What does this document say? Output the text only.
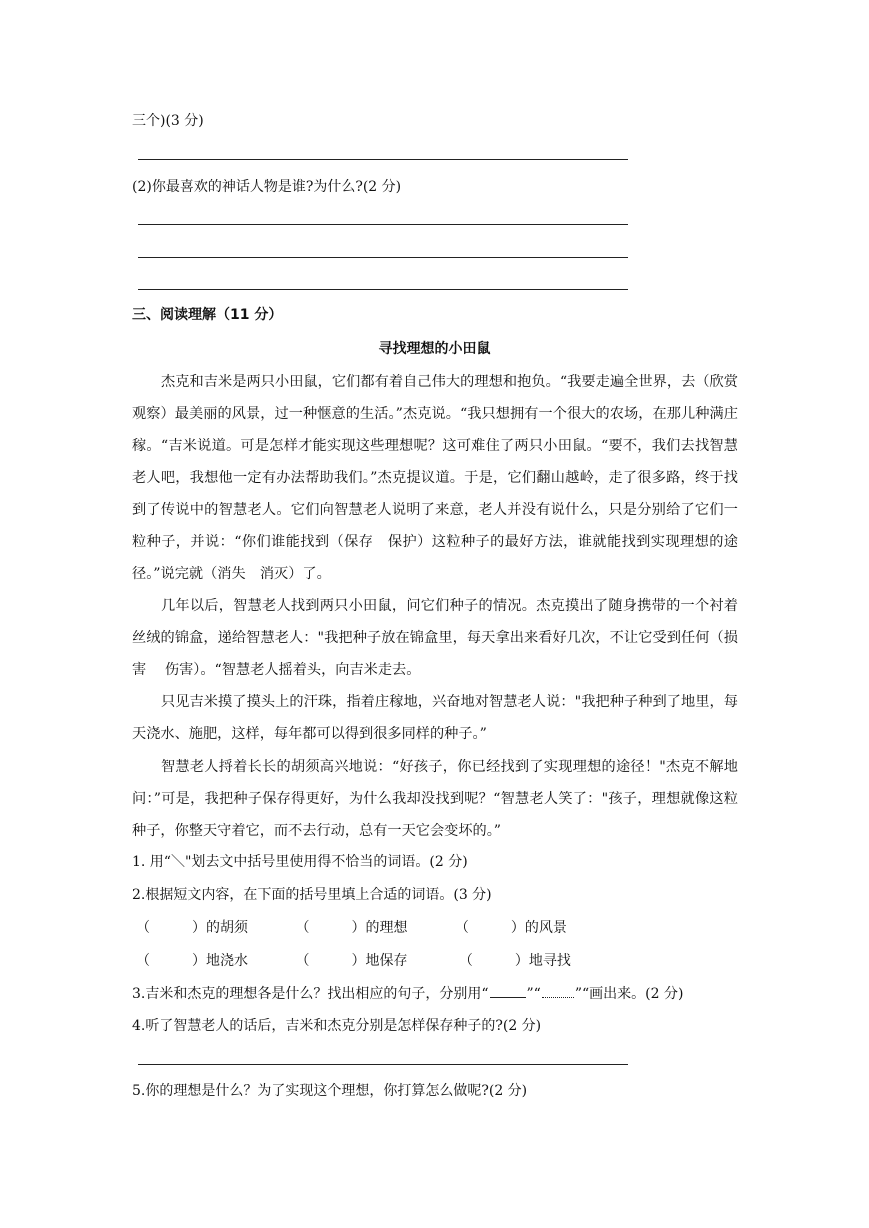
三个)(3 分)
(2)你最喜欢的神话人物是谁?为什么?(2 分)
三、阅读理解（11 分）
寻找理想的小田鼠
杰克和吉米是两只小田鼠，它们都有着自己伟大的理想和抱负。“我要走遍全世界，去（欣赏　 观察）最美丽的风景，过一种惬意的生活。”杰克说。“我只想拥有一个很大的农场，在那儿种满庄稼。“吉米说道。可是怎样才能实现这些理想呢？这可难住了两只小田鼠。“要不，我们去找智慧老人吧，我想他一定有办法帮助我们。”杰克提议道。于是，它们翻山越岭，走了很多路，终于找到了传说中的智慧老人。它们向智慧老人说明了来意，老人并没有说什么，只是分别给了它们一粒种子，并说：“你们谁能找到（保存　保护）这粒种子的最好方法，谁就能找到实现理想的途径。”说完就（消失　消灭）了。
几年以后，智慧老人找到两只小田鼠，问它们种子的情况。杰克摸出了随身携带的一个衬着丝绒的锦盒，递给智慧老人："我把种子放在锦盒里，每天拿出来看好几次，不让它受到任何（损害　 伤害）。“智慧老人摇着头，向吉米走去。
只见吉米摸了摸头上的汗珠，指着庄稼地，兴奋地对智慧老人说："我把种子种到了地里，每天浇水、施肥，这样，每年都可以得到很多同样的种子。”
智慧老人捋着长长的胡须高兴地说：“好孩子，你已经找到了实现理想的途径！"杰克不解地问：”可是，我把种子保存得更好，为什么我却没找到呢？“智慧老人笑了："孩子，理想就像这粒种子，你整天守着它，而不去行动，总有一天它会变坏的。”
1. 用“＼"划去文中括号里使用得不恰当的词语。(2 分)
2.根据短文内容，在下面的括号里填上合适的词语。(3 分)
（　　　）的胡须	（　　　）的理想	（　　　）的风景
（　　　）地浇水	（　　　）地保存	（　　　）地寻找
3.吉米和杰克的理想各是什么？找出相应的句子，分别用“	”“ ”“画出来。(2 分)
4.听了智慧老人的话后，吉米和杰克分别是怎样保存种子的?(2 分)
5.你的理想是什么？为了实现这个理想，你打算怎么做呢?(2 分)
